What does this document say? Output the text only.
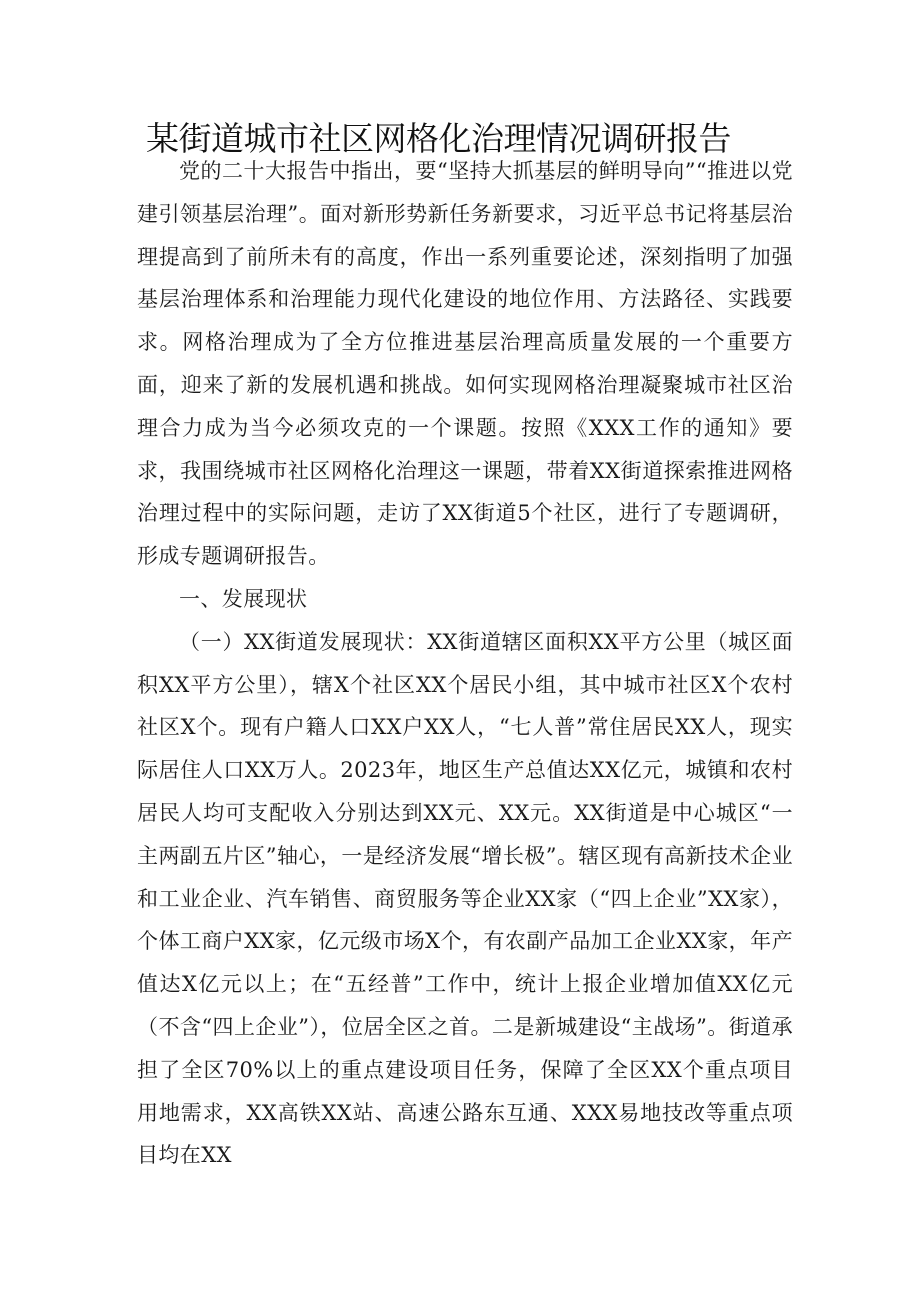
某街道城市社区网格化治理情况调研报告

党的二十大报告中指出，要“坚持大抓基层的鲜明导向”“推进以党建引领基层治理”。面对新形势新任务新要求，习近平总书记将基层治理提高到了前所未有的高度，作出一系列重要论述，深刻指明了加强基层治理体系和治理能力现代化建设的地位作用、方法路径、实践要求。网格治理成为了全方位推进基层治理高质量发展的一个重要方面，迎来了新的发展机遇和挑战。如何实现网格治理凝聚城市社区治理合力成为当今必须攻克的一个课题。按照《XXX工作的通知》要求，我围绕城市社区网格化治理这一课题，带着XX街道探索推进网格治理过程中的实际问题，走访了XX街道5个社区，进行了专题调研，形成专题调研报告。

一、发展现状

（一）XX街道发展现状：XX街道辖区面积XX平方公里（城区面积XX平方公里），辖X个社区XX个居民小组，其中城市社区X个农村社区X个。现有户籍人口XX户XX人，“七人普”常住居民XX人，现实际居住人口XX万人。2023年，地区生产总值达XX亿元，城镇和农村居民人均可支配收入分别达到XX元、XX元。XX街道是中心城区“一主两副五片区”轴心，一是经济发展“增长极”。辖区现有高新技术企业和工业企业、汽车销售、商贸服务等企业XX家（“四上企业”XX家），个体工商户XX家，亿元级市场X个，有农副产品加工企业XX家，年产值达X亿元以上；在“五经普”工作中，统计上报企业增加值XX亿元（不含“四上企业”），位居全区之首。二是新城建设“主战场”。街道承担了全区70%以上的重点建设项目任务，保障了全区XX个重点项目用地需求，XX高铁XX站、高速公路东互通、XXX易地技改等重点项目均在XX
